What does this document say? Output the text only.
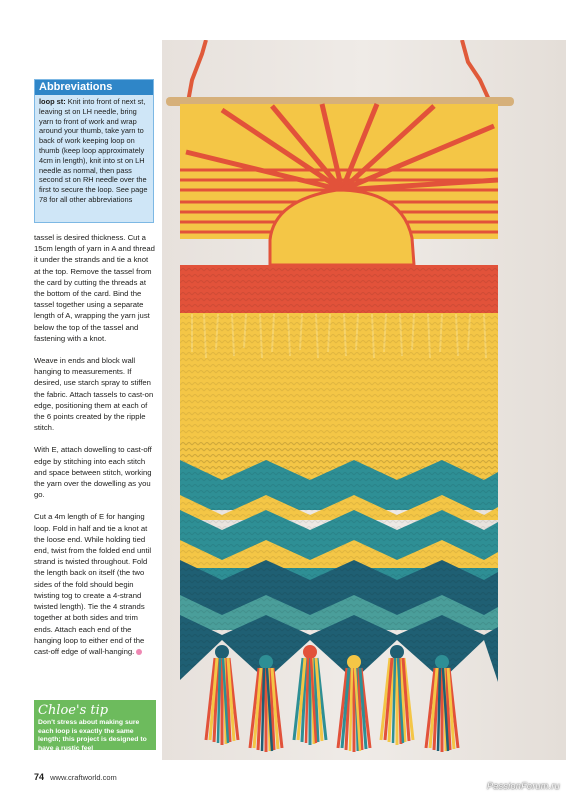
Abbreviations
loop st: Knit into front of next st, leaving st on LH needle, bring yarn to front of work and wrap around your thumb, take yarn to back of work keeping loop on thumb (keep loop approximately 4cm in length), knit into st on LH needle as normal, then pass second st on RH needle over the first to secure the loop. See page 78 for all other abbreviations

tassel is desired thickness. Cut a 15cm length of yarn in A and thread it under the strands and tie a knot at the top. Remove the tassel from the card by cutting the threads at the bottom of the card. Bind the tassel together using a separate length of A, wrapping the yarn just below the top of the tassel and fastening with a knot.

Weave in ends and block wall hanging to measurements. If desired, use starch spray to stiffen the fabric. Attach tassels to cast-on edge, positioning them at each of the 6 points created by the ripple stitch.

With E, attach dowelling to cast-off edge by stitching into each stitch and space between stitch, working the yarn over the dowelling as you go.

Cut a 4m length of E for hanging loop. Fold in half and tie a knot at the loose end. While holding tied end, twist from the folded end until strand is twisted throughout. Fold the length back on itself (the two sides of the fold should begin twisting tog to create a 4-strand twisted length). Tie the 4 strands together at both sides and trim ends. Attach each end of the hanging loop to either end of the cast-off edge of wall-hanging.

Chloe's tip
Don't stress about making sure each loop is exactly the same length; this project is designed to have a rustic feel
74 www.craftworld.com
PassionForum.ru
